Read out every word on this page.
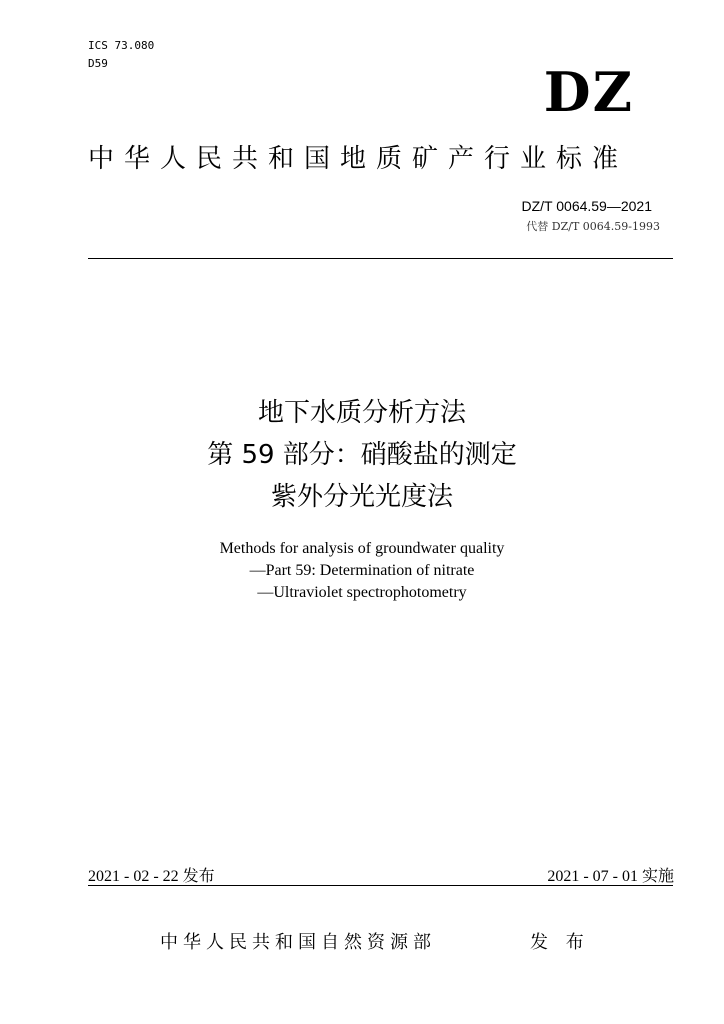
ICS 73.080
D59	DZ
中华人民共和国地质矿产行业标准
DZ/T 0064.59—2021
代替 DZ/T 0064.59-1993
地下水质分析方法
第 59 部分：硝酸盐的测定
紫外分光光度法
Methods for analysis of groundwater quality
—Part 59: Determination of nitrate
—Ultraviolet spectrophotometry
2021 - 02 - 22 发布	2021 - 07 - 01 实施
中华人民共和国自然资源部	发 布
